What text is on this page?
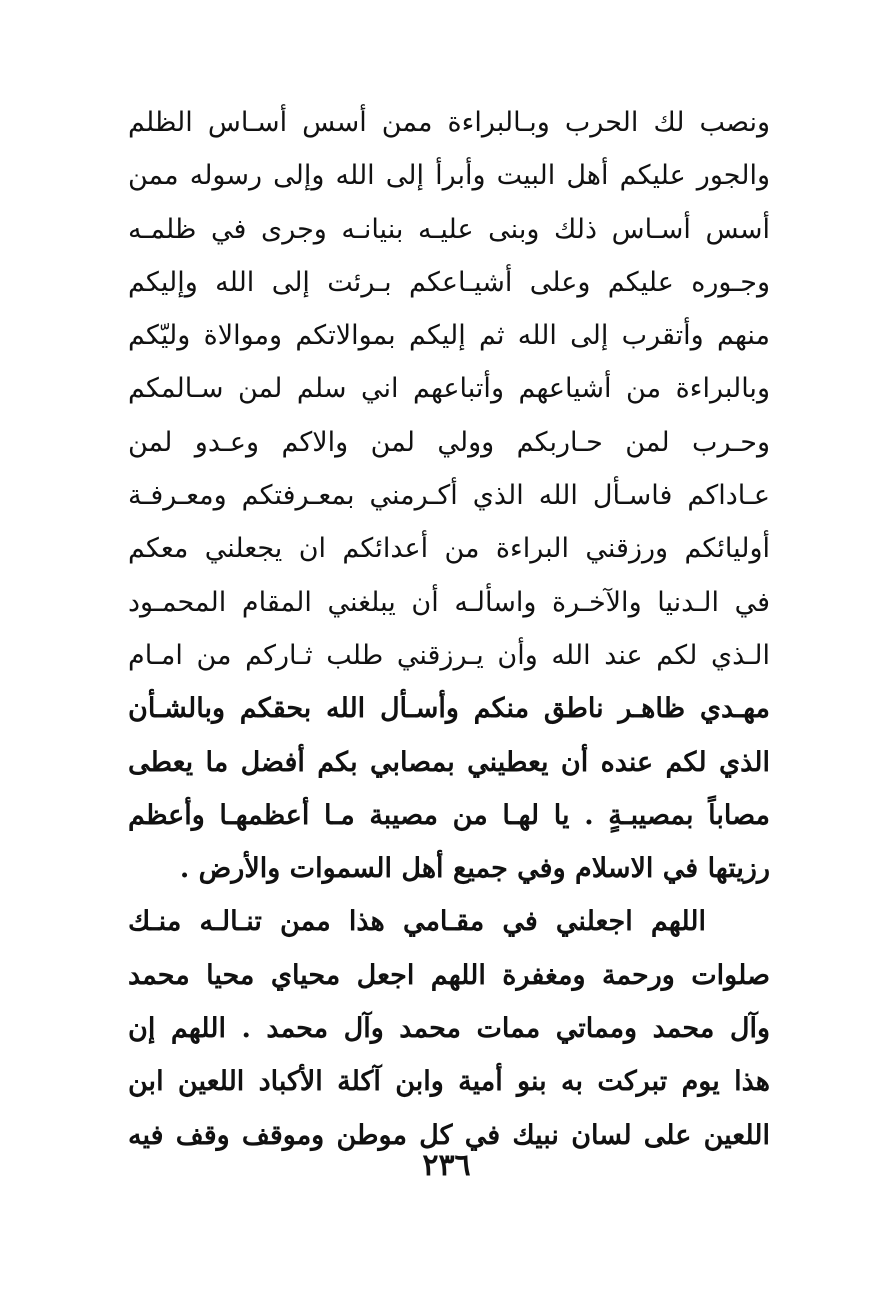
ونصب لك الحرب وبـالبراءة ممن أسس أسـاس الظلم
والجور عليكم أهل البيت وأبرأ إلى الله وإلى رسوله ممن
أسس أسـاس ذلك وبنى عليـه بنيانـه وجرى في ظلمـه
وجـوره عليكم وعلى أشيـاعكم بـرئت إلى الله وإليكم
منهم وأتقرب إلى الله ثم إليكم بموالاتكم وموالاة وليّكم
وبالبراءة من أشياعهم وأتباعهم اني سلم لمن سـالمكم
وحـرب لمن حـاربكم وولي لمن والاكم وعـدو لمن
عـاداكم فاسـأل الله الذي أكـرمني بمعـرفتكم ومعـرفـة
أوليائكم ورزقني البراءة من أعدائكم ان يجعلني معكم
في الـدنيا والآخـرة واسألـه أن يبلغني المقام المحمـود
الـذي لكم عند الله وأن يـرزقني طلب ثـاركم من امـام
مهـدي ظاهـر ناطق منكم وأسـأل الله بحقكم وبالشـأن
الذي لكم عنده أن يعطيني بمصابي بكم أفضل ما يعطى
مصاباً بمصيبـةٍ . يا لهـا من مصيبة مـا أعظمهـا وأعظم
رزيتها في الاسلام وفي جميع أهل السموات والأرض .
اللهم اجعلني في مقـامي هذا ممن تنـالـه منـك
صلوات ورحمة ومغفرة اللهم اجعل محياي محيا محمد
وآل محمد ومماتي ممات محمد وآل محمد . اللهم إن
هذا يوم تبركت به بنو أمية وابن آكلة الأكباد اللعين ابن
اللعين على لسان نبيك في كل موطن وموقف وقف فيه
٢٣٦
